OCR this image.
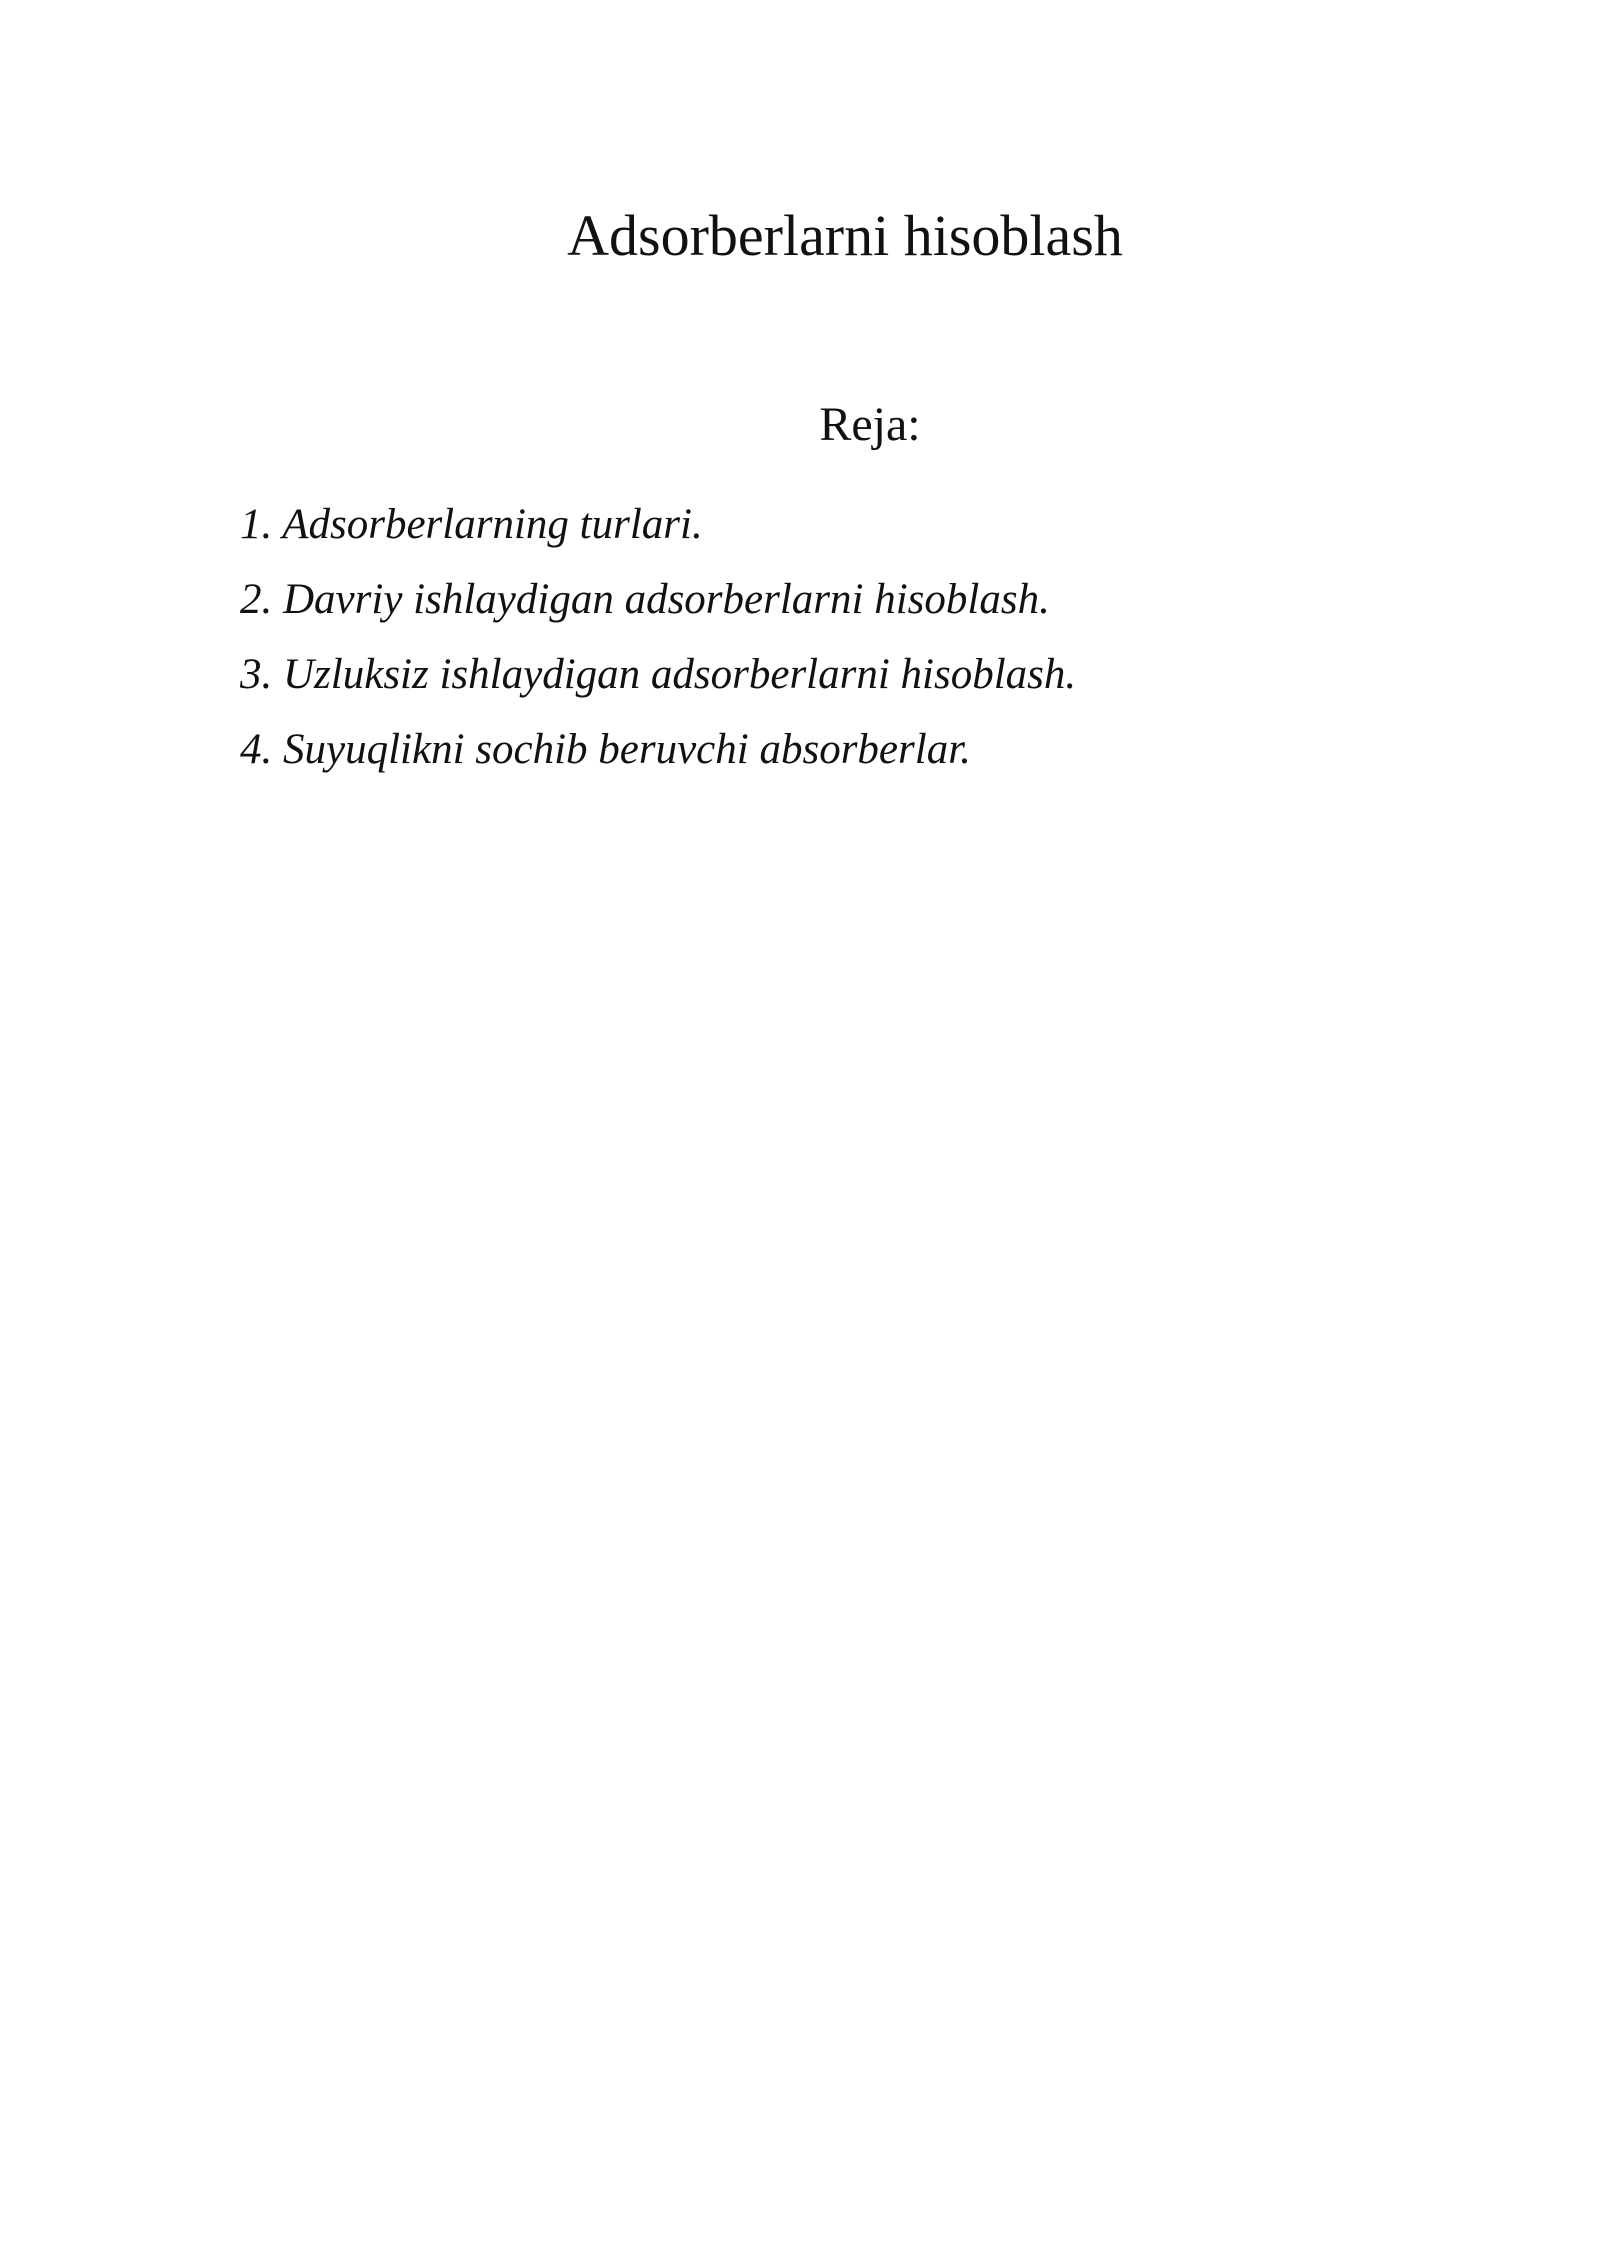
Adsorberlarni hisoblash
Reja:
1. Adsorberlarning turlari.
2. Davriy ishlaydigan adsorberlarni hisoblash.
3. Uzluksiz ishlaydigan adsorberlarni hisoblash.
4. Suyuqlikni sochib beruvchi absorberlar.
